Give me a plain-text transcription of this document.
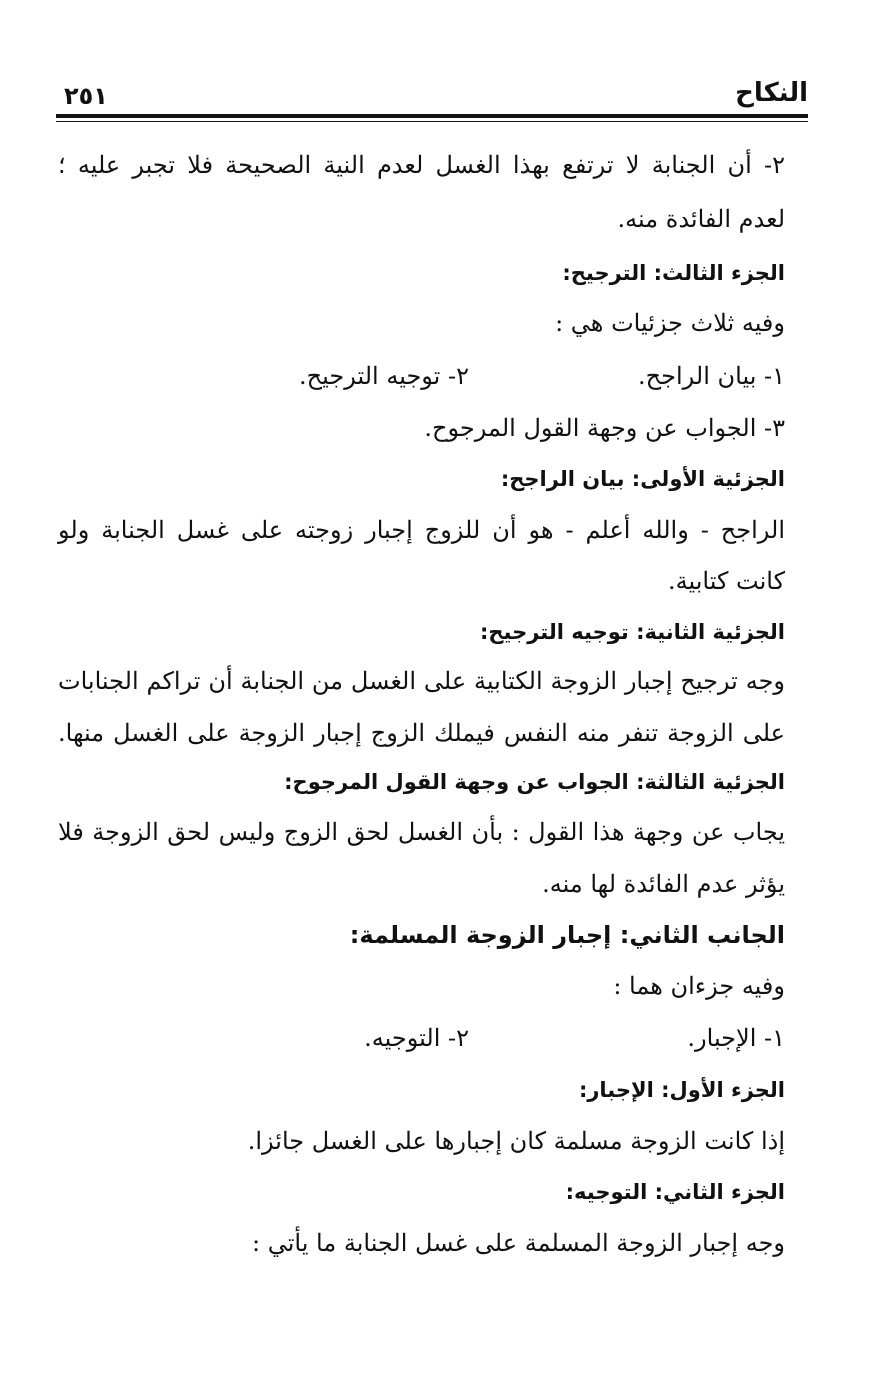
النكاح
٢٥١
٢- أن الجنابة لا ترتفع بهذا الغسل لعدم النية الصحيحة فلا تجبر عليه ؛
لعدم الفائدة منه.
الجزء الثالث: الترجيح:
وفيه ثلاث جزئيات هي :
١- بيان الراجح.
٢- توجيه الترجيح.
٣- الجواب عن وجهة القول المرجوح.
الجزئية الأولى: بيان الراجح:
الراجح - والله أعلم - هو أن للزوج إجبار زوجته على غسل الجنابة ولو
كانت كتابية.
الجزئية الثانية: توجيه الترجيح:
وجه ترجيح إجبار الزوجة الكتابية على الغسل من الجنابة أن تراكم الجنابات
على الزوجة تنفر منه النفس فيملك الزوج إجبار الزوجة على الغسل منها.
الجزئية الثالثة: الجواب عن وجهة القول المرجوح:
يجاب عن وجهة هذا القول : بأن الغسل لحق الزوج وليس لحق الزوجة فلا
يؤثر عدم الفائدة لها منه.
الجانب الثاني: إجبار الزوجة المسلمة:
وفيه جزءان هما :
١- الإجبار.
٢- التوجيه.
الجزء الأول: الإجبار:
إذا كانت الزوجة مسلمة كان إجبارها على الغسل جائزا.
الجزء الثاني: التوجيه:
وجه إجبار الزوجة المسلمة على غسل الجنابة ما يأتي :
